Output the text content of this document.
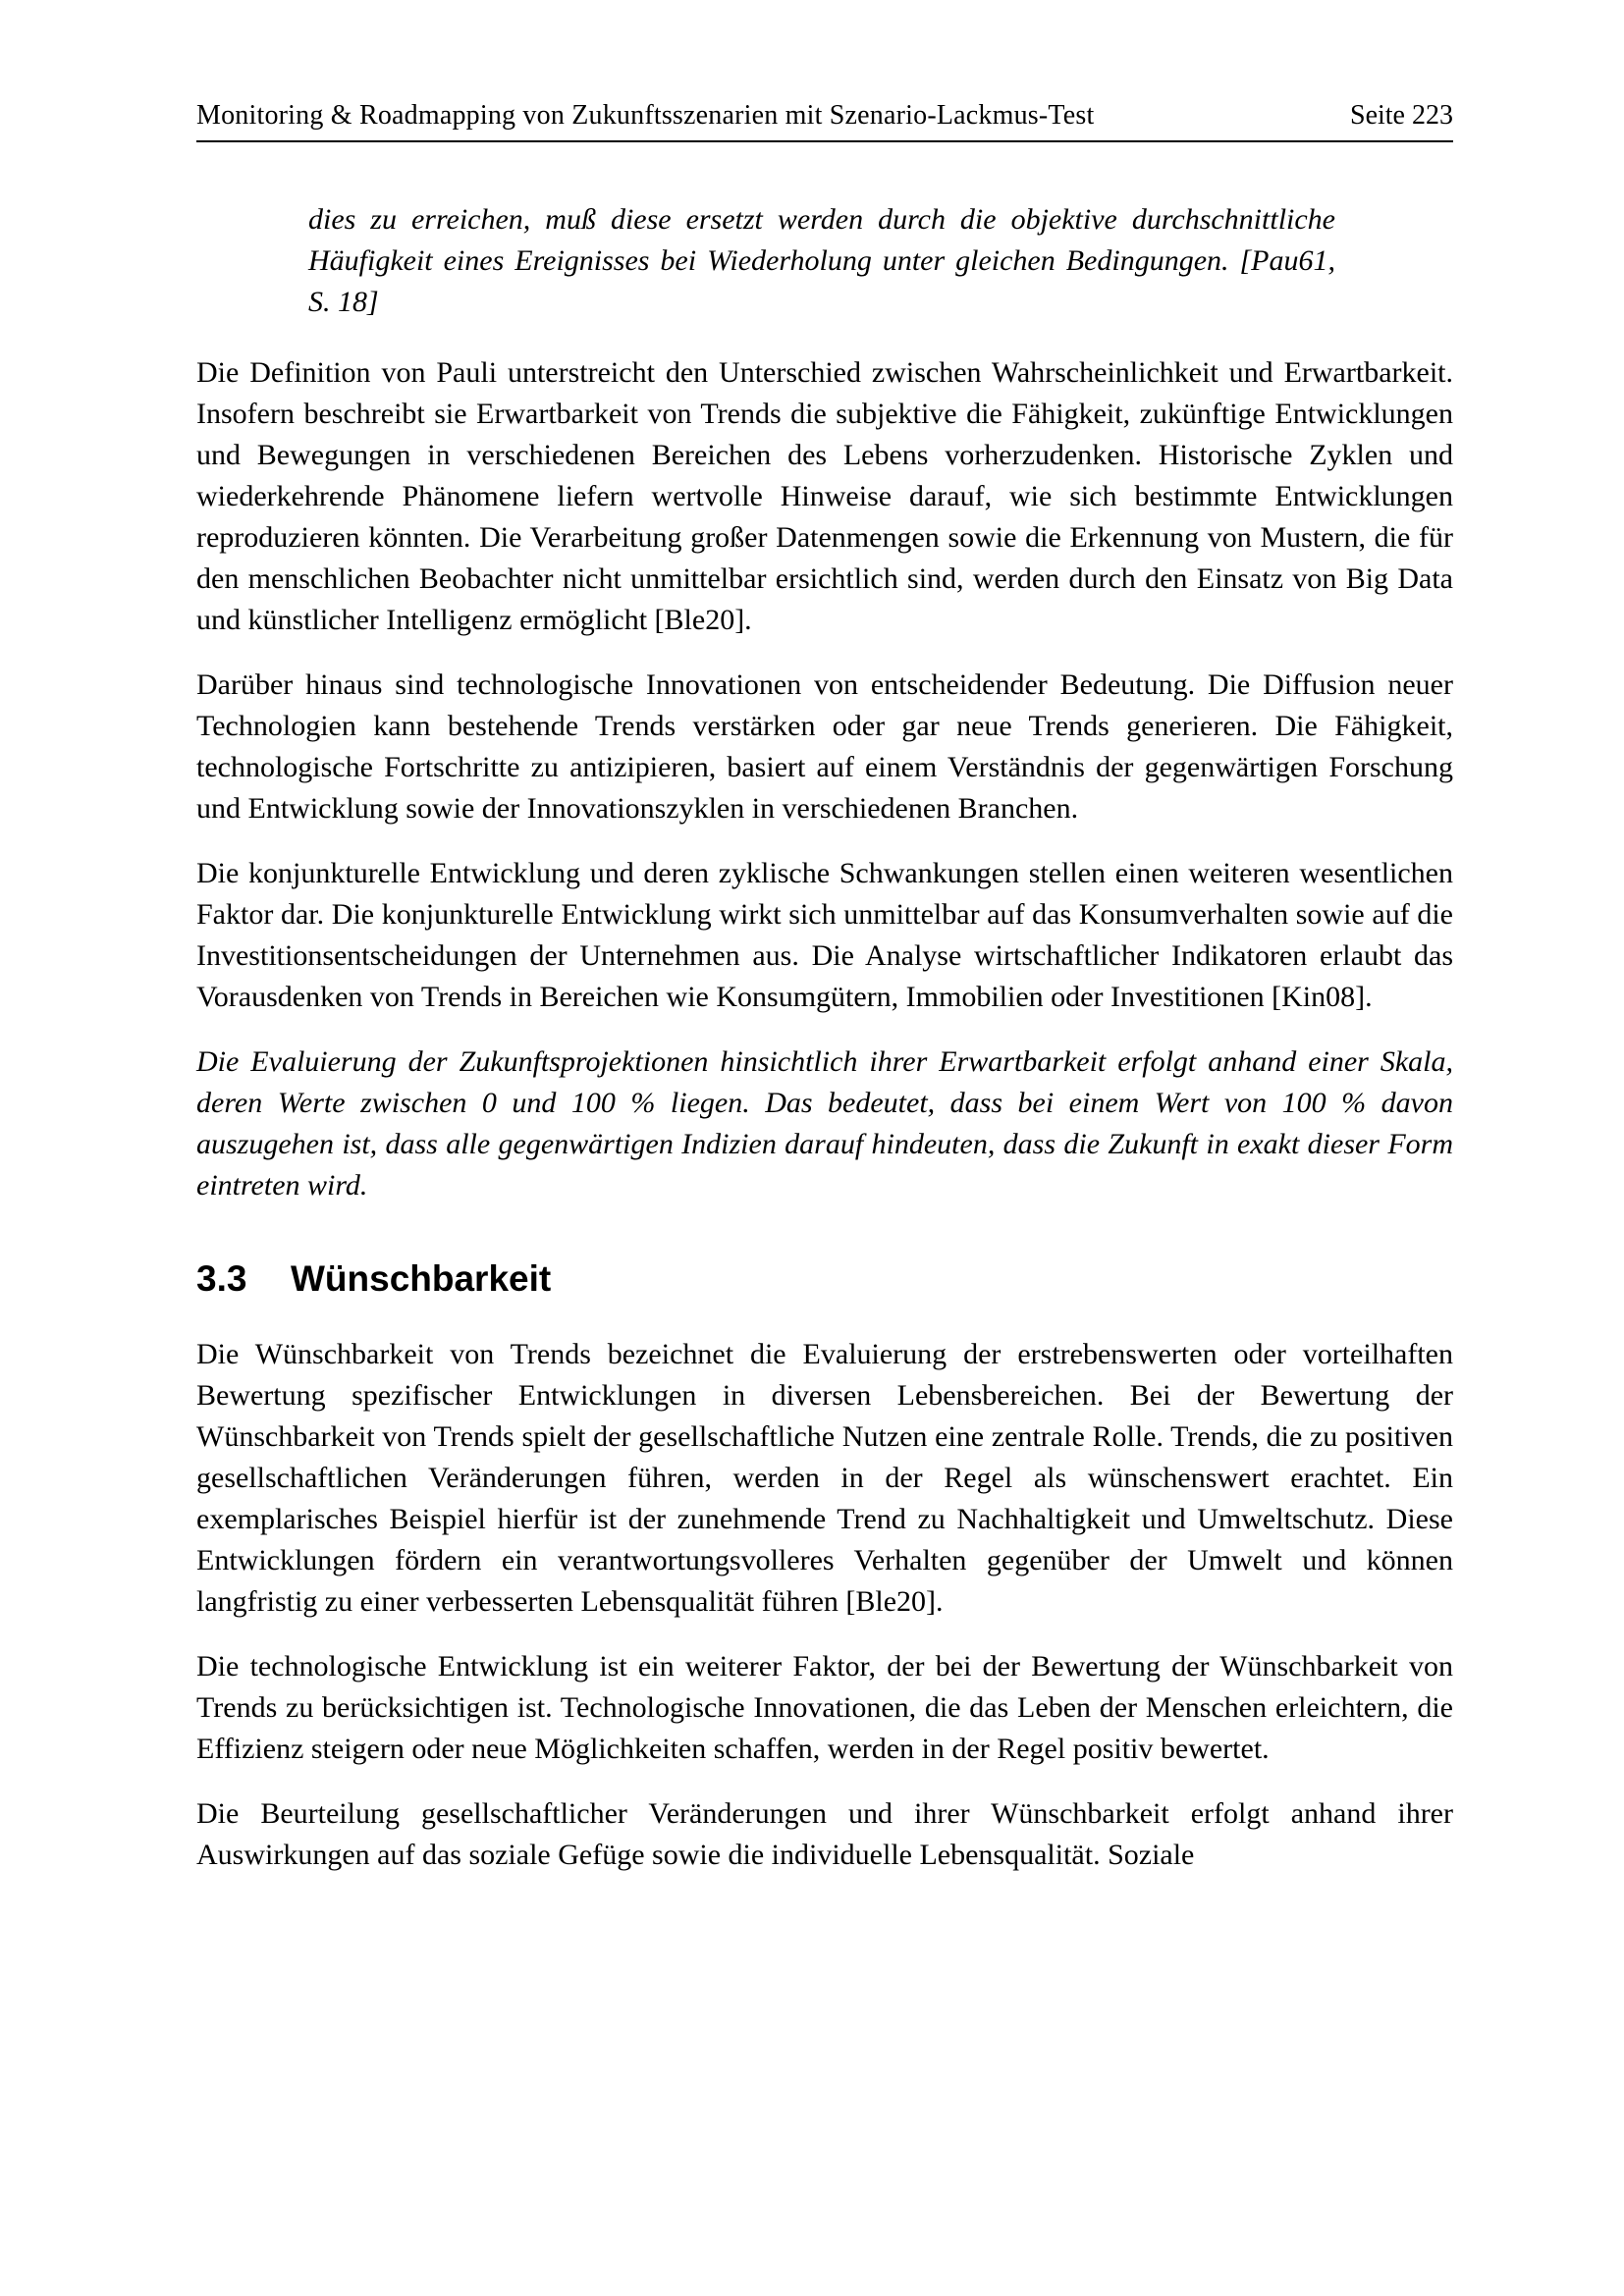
Monitoring & Roadmapping von Zukunftsszenarien mit Szenario-Lackmus-Test	Seite 223
dies zu erreichen, muß diese ersetzt werden durch die objektive durchschnittliche Häufigkeit eines Ereignisses bei Wiederholung unter gleichen Bedingungen. [Pau61, S. 18]

Die Definition von Pauli unterstreicht den Unterschied zwischen Wahrscheinlichkeit und Erwartbarkeit. Insofern beschreibt sie Erwartbarkeit von Trends die subjektive die Fähigkeit, zukünftige Entwicklungen und Bewegungen in verschiedenen Bereichen des Lebens vorherzudenken. Historische Zyklen und wiederkehrende Phänomene liefern wertvolle Hinweise darauf, wie sich bestimmte Entwicklungen reproduzieren könnten. Die Verarbeitung großer Datenmengen sowie die Erkennung von Mustern, die für den menschlichen Beobachter nicht unmittelbar ersichtlich sind, werden durch den Einsatz von Big Data und künstlicher Intelligenz ermöglicht [Ble20].

Darüber hinaus sind technologische Innovationen von entscheidender Bedeutung. Die Diffusion neuer Technologien kann bestehende Trends verstärken oder gar neue Trends generieren. Die Fähigkeit, technologische Fortschritte zu antizipieren, basiert auf einem Verständnis der gegenwärtigen Forschung und Entwicklung sowie der Innovationszyklen in verschiedenen Branchen.

Die konjunkturelle Entwicklung und deren zyklische Schwankungen stellen einen weiteren wesentlichen Faktor dar. Die konjunkturelle Entwicklung wirkt sich unmittelbar auf das Konsumverhalten sowie auf die Investitionsentscheidungen der Unternehmen aus. Die Analyse wirtschaftlicher Indikatoren erlaubt das Vorausdenken von Trends in Bereichen wie Konsumgütern, Immobilien oder Investitionen [Kin08].

Die Evaluierung der Zukunftsprojektionen hinsichtlich ihrer Erwartbarkeit erfolgt anhand einer Skala, deren Werte zwischen 0 und 100 % liegen. Das bedeutet, dass bei einem Wert von 100 % davon auszugehen ist, dass alle gegenwärtigen Indizien darauf hindeuten, dass die Zukunft in exakt dieser Form eintreten wird.

3.3	Wünschbarkeit

Die Wünschbarkeit von Trends bezeichnet die Evaluierung der erstrebenswerten oder vorteilhaften Bewertung spezifischer Entwicklungen in diversen Lebensbereichen. Bei der Bewertung der Wünschbarkeit von Trends spielt der gesellschaftliche Nutzen eine zentrale Rolle. Trends, die zu positiven gesellschaftlichen Veränderungen führen, werden in der Regel als wünschenswert erachtet. Ein exemplarisches Beispiel hierfür ist der zunehmende Trend zu Nachhaltigkeit und Umweltschutz. Diese Entwicklungen fördern ein verantwortungsvolleres Verhalten gegenüber der Umwelt und können langfristig zu einer verbesserten Lebensqualität führen [Ble20].

Die technologische Entwicklung ist ein weiterer Faktor, der bei der Bewertung der Wünschbarkeit von Trends zu berücksichtigen ist. Technologische Innovationen, die das Leben der Menschen erleichtern, die Effizienz steigern oder neue Möglichkeiten schaffen, werden in der Regel positiv bewertet.

Die Beurteilung gesellschaftlicher Veränderungen und ihrer Wünschbarkeit erfolgt anhand ihrer Auswirkungen auf das soziale Gefüge sowie die individuelle Lebensqualität. Soziale
